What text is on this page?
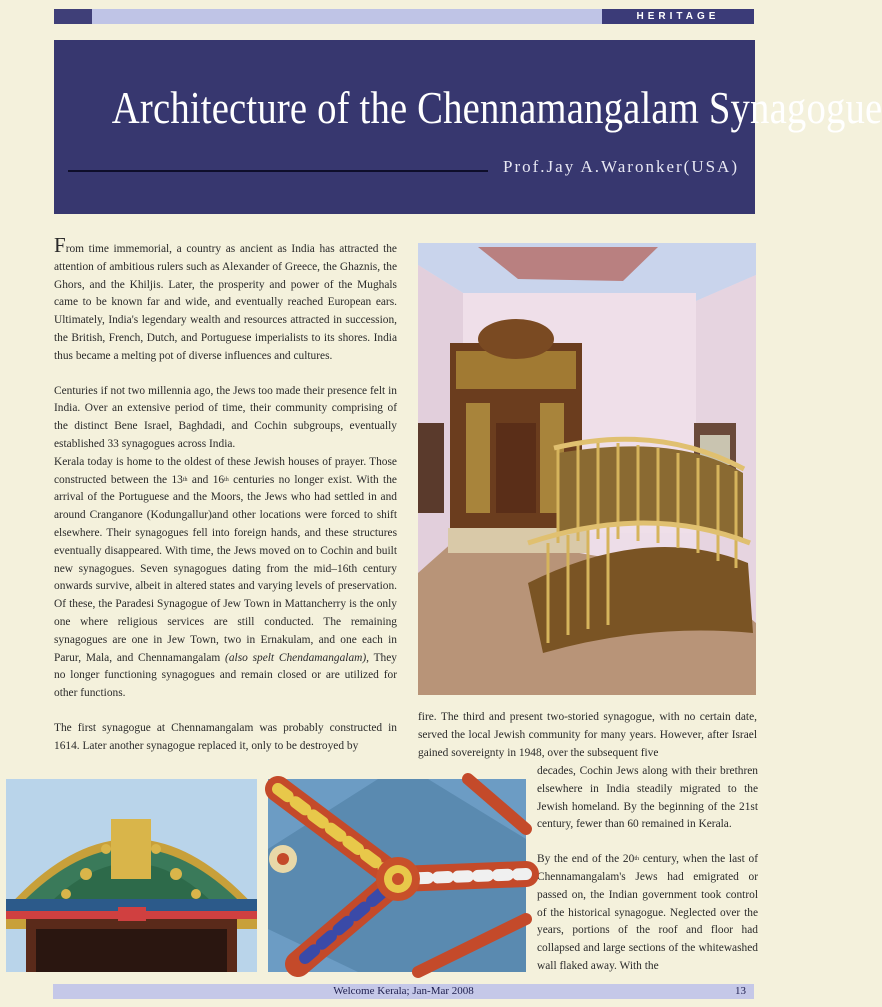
HERITAGE
Architecture of the Chennamangalam Synagogue
Prof.Jay A.Waronker(USA)

From time immemorial, a country as ancient as India has attracted the attention of ambitious rulers such as Alexander of Greece, the Ghaznis, the Ghors, and the Khiljis. Later, the prosperity and power of the Mughals came to be known far and wide, and eventually reached European ears. Ultimately, India's legendary wealth and resources attracted in succession, the British, French, Dutch, and Portuguese imperialists to its shores. India thus became a melting pot of diverse influences and cultures.

Centuries if not two millennia ago, the Jews too made their presence felt in India. Over an extensive period of time, their community comprising of the distinct Bene Israel, Baghdadi, and Cochin subgroups, eventually established 33 synagogues across India.

Kerala today is home to the oldest of these Jewish houses of prayer. Those constructed between the 13th and 16th centuries no longer exist. With the arrival of the Portuguese and the Moors, the Jews who had settled in and around Cranganore (Kodungallur)and other locations were forced to shift elsewhere. Their synagogues fell into foreign hands, and these structures eventually disappeared. With time, the Jews moved on to Cochin and built new synagogues. Seven synagogues dating from the mid–16th century onwards survive, albeit in altered states and varying levels of preservation. Of these, the Paradesi Synagogue of Jew Town in Mattancherry is the only one where religious services are still conducted. The remaining synagogues are one in Jew Town, two in Ernakulam, and one each in Parur, Mala, and Chennamangalam (also spelt Chendamangalam), They no longer functioning synagogues and remain closed or are utilized for other functions.

The first synagogue at Chennamangalam was probably constructed in 1614. Later another synagogue replaced it, only to be destroyed by

fire. The third and present two-storied synagogue, with no certain date, served the local Jewish community for many years. However, after Israel gained sovereignty in 1948, over the subsequent five

decades, Cochin Jews along with their brethren elsewhere in India steadily migrated to the Jewish homeland. By the beginning of the 21st century, fewer than 60 remained in Kerala.

By the end of the 20th century, when the last of Chennamangalam's Jews had emigrated or passed on, the Indian government took control of the historical synagogue. Neglected over the years, portions of the roof and floor had collapsed and large sections of the whitewashed wall flaked away. With the

Welcome Kerala; Jan-Mar 2008	13
